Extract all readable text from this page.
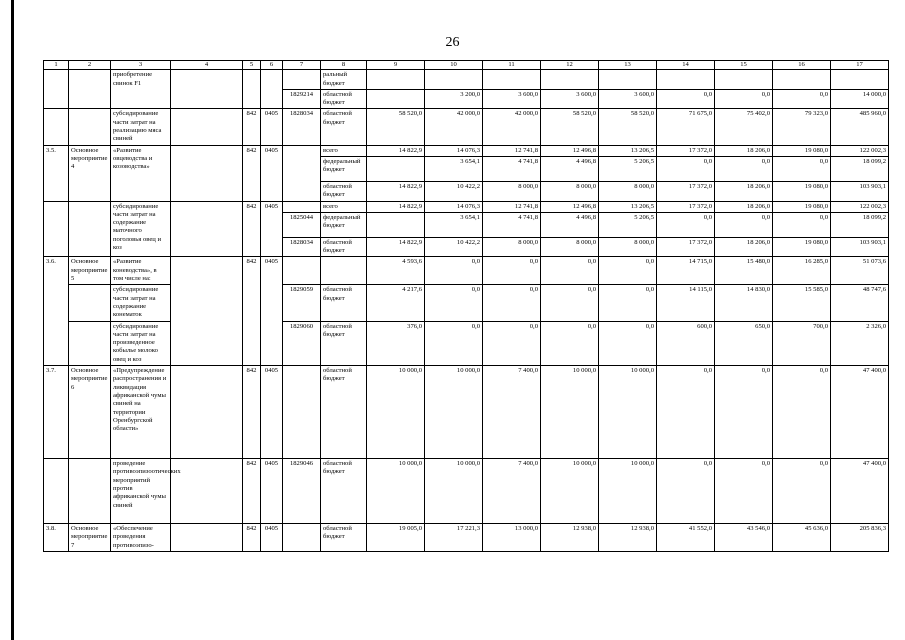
26
1	2	3	4	5	6	7	8	9	10	11	12	13	14	15	16	17
		приобретение свинок F1					ральный бюджет									
						1829214	областной бюджет		3 200,0	3 600,0	3 600,0	3 600,0	0,0	0,0	0,0	14 000,0
		субсидирование части затрат на реализацию мяса свиней		842	0405	1828034	областной бюджет	58 520,0	42 000,0	42 000,0	58 520,0	58 520,0	71 675,0	75 402,0	79 323,0	485 960,0
3.5.	Основное мероприятие 4	«Развитие овцеводства и козоводства»		842	0405		всего	14 822,9	14 076,3	12 741,8	12 496,8	13 206,5	17 372,0	18 206,0	19 080,0	122 002,3
							федеральный бюджет		3 654,1	4 741,8	4 496,8	5 206,5	0,0	0,0	0,0	18 099,2
							областной бюджет	14 822,9	10 422,2	8 000,0	8 000,0	8 000,0	17 372,0	18 206,0	19 080,0	103 903,1
		субсидирование части затрат на содержание маточного поголовья овец и коз		842	0405		всего	14 822,9	14 076,3	12 741,8	12 496,8	13 206,5	17 372,0	18 206,0	19 080,0	122 002,3
						1825044	федеральный бюджет		3 654,1	4 741,8	4 496,8	5 206,5	0,0	0,0	0,0	18 099,2
						1828034	областной бюджет	14 822,9	10 422,2	8 000,0	8 000,0	8 000,0	17 372,0	18 206,0	19 080,0	103 903,1
3.6.	Основное мероприятие 5	«Развитие коневодства», в том числе на:		842	0405			4 593,6	0,0	0,0	0,0	0,0	14 715,0	15 480,0	16 285,0	51 073,6
		субсидирование части затрат на содержание конематок				1829059	областной бюджет	4 217,6	0,0	0,0	0,0	0,0	14 115,0	14 830,0	15 585,0	48 747,6
		субсидирование части затрат на произведенное кобылье молоко овец и коз				1829060	областной бюджет	376,0	0,0	0,0	0,0	0,0	600,0	650,0	700,0	2 326,0
3.7.	Основное мероприятие 6	«Предупреждение распространения и ликвидация африканской чумы свиней на территории Оренбургской области»		842	0405		областной бюджет	10 000,0	10 000,0	7 400,0	10 000,0	10 000,0	0,0	0,0	0,0	47 400,0
		проведение противоэпизоотических мероприятий против африканской чумы свиней		842	0405	1829046	областной бюджет	10 000,0	10 000,0	7 400,0	10 000,0	10 000,0	0,0	0,0	0,0	47 400,0
3.8.	Основное мероприятие 7	«Обеспечение проведения противоэпизо-		842	0405		областной бюджет	19 005,0	17 221,3	13 000,0	12 938,0	12 938,0	41 552,0	43 546,0	45 636,0	205 836,3
